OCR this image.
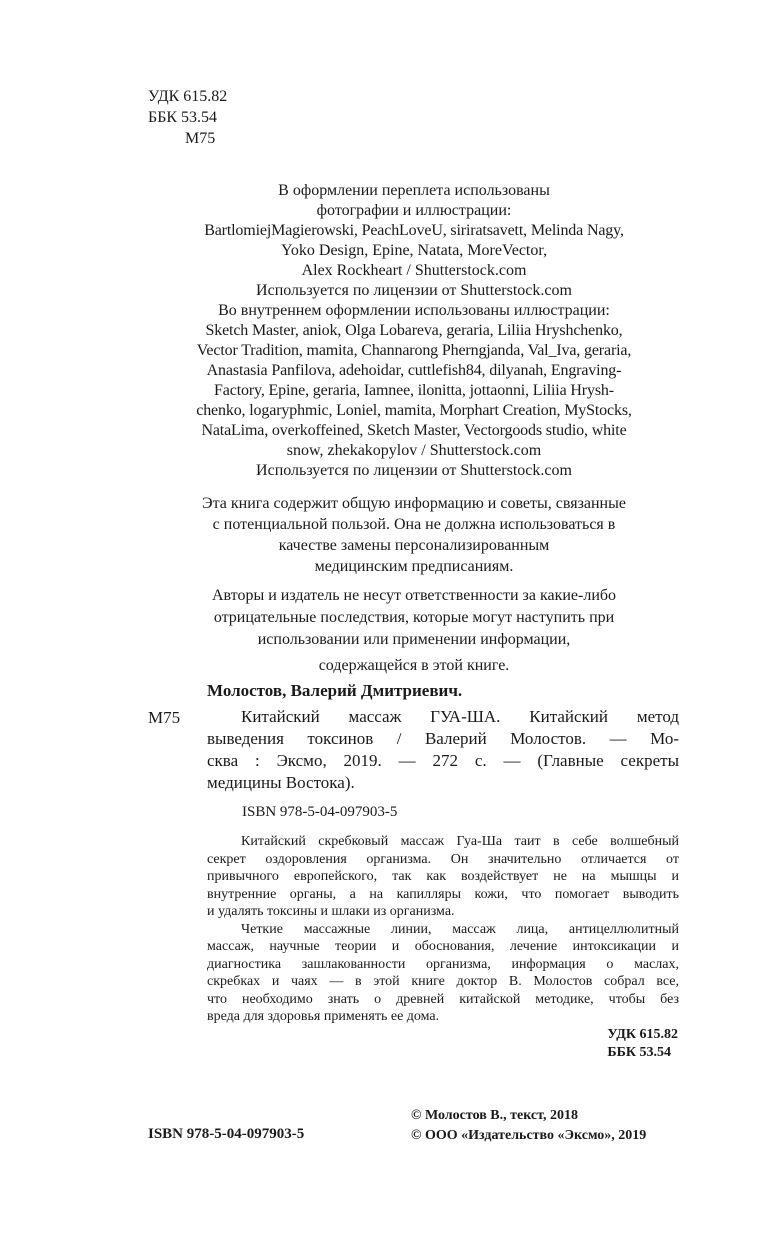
УДК 615.82
ББК 53.54
М75
В оформлении переплета использованы
фотографии и иллюстрации:
BartlomiejMagierowski, PeachLoveU, siriratsavett, Melinda Nagy,
Yoko Design, Epine, Natata, MoreVector,
Alex Rockheart / Shutterstock.com
Используется по лицензии от Shutterstock.com
Во внутреннем оформлении использованы иллюстрации:
Sketch Master, aniok, Olga Lobareva, geraria, Liliia Hryshchenko,
Vector Tradition, mamita, Channarong Pherngjanda, Val_Iva, geraria,
Anastasia Panfilova, adehoidar, cuttlefish84, dilyanah, Engraving-
Factory, Epine, geraria, Iamnee, ilonitta, jottaonni, Liliia Hrysh-
chenko, logaryphmic, Loniel, mamita, Morphart Creation, MyStocks,
NataLima, overkoffeined, Sketch Master, Vectorgoods studio, white
snow, zhekakopylov / Shutterstock.com
Используется по лицензии от Shutterstock.com
Эта книга содержит общую информацию и советы, связанные
с потенциальной пользой. Она не должна использоваться в
качестве замены персонализированным
медицинским предписаниям.
Авторы и издатель не несут ответственности за какие-либо
отрицательные последствия, которые могут наступить при
использовании или применении информации,
содержащейся в этой книге.
Молостов, Валерий Дмитриевич.
М75	Китайский массаж ГУА-ША. Китайский метод
выведения токсинов / Валерий Молостов. — Мо-
сква : Эксмо, 2019. — 272 с. — (Главные секреты
медицины Востока).
ISBN 978-5-04-097903-5
Китайский скребковый массаж Гуа-Ша таит в себе волшебный
секрет оздоровления организма. Он значительно отличается от
привычного европейского, так как воздействует не на мышцы и
внутренние органы, а на капилляры кожи, что помогает выводить
и удалять токсины и шлаки из организма.
Четкие массажные линии, массаж лица, антицеллюлитный
массаж, научные теории и обоснования, лечение интоксикации и
диагностика зашлакованности организма, информация о маслах,
скребках и чаях — в этой книге доктор В. Молостов собрал все,
что необходимо знать о древней китайской методике, чтобы без
вреда для здоровья применять ее дома.
УДК 615.82
ББК 53.54
© Молостов В., текст, 2018
© ООО «Издательство «Эксмо», 2019
ISBN 978-5-04-097903-5
